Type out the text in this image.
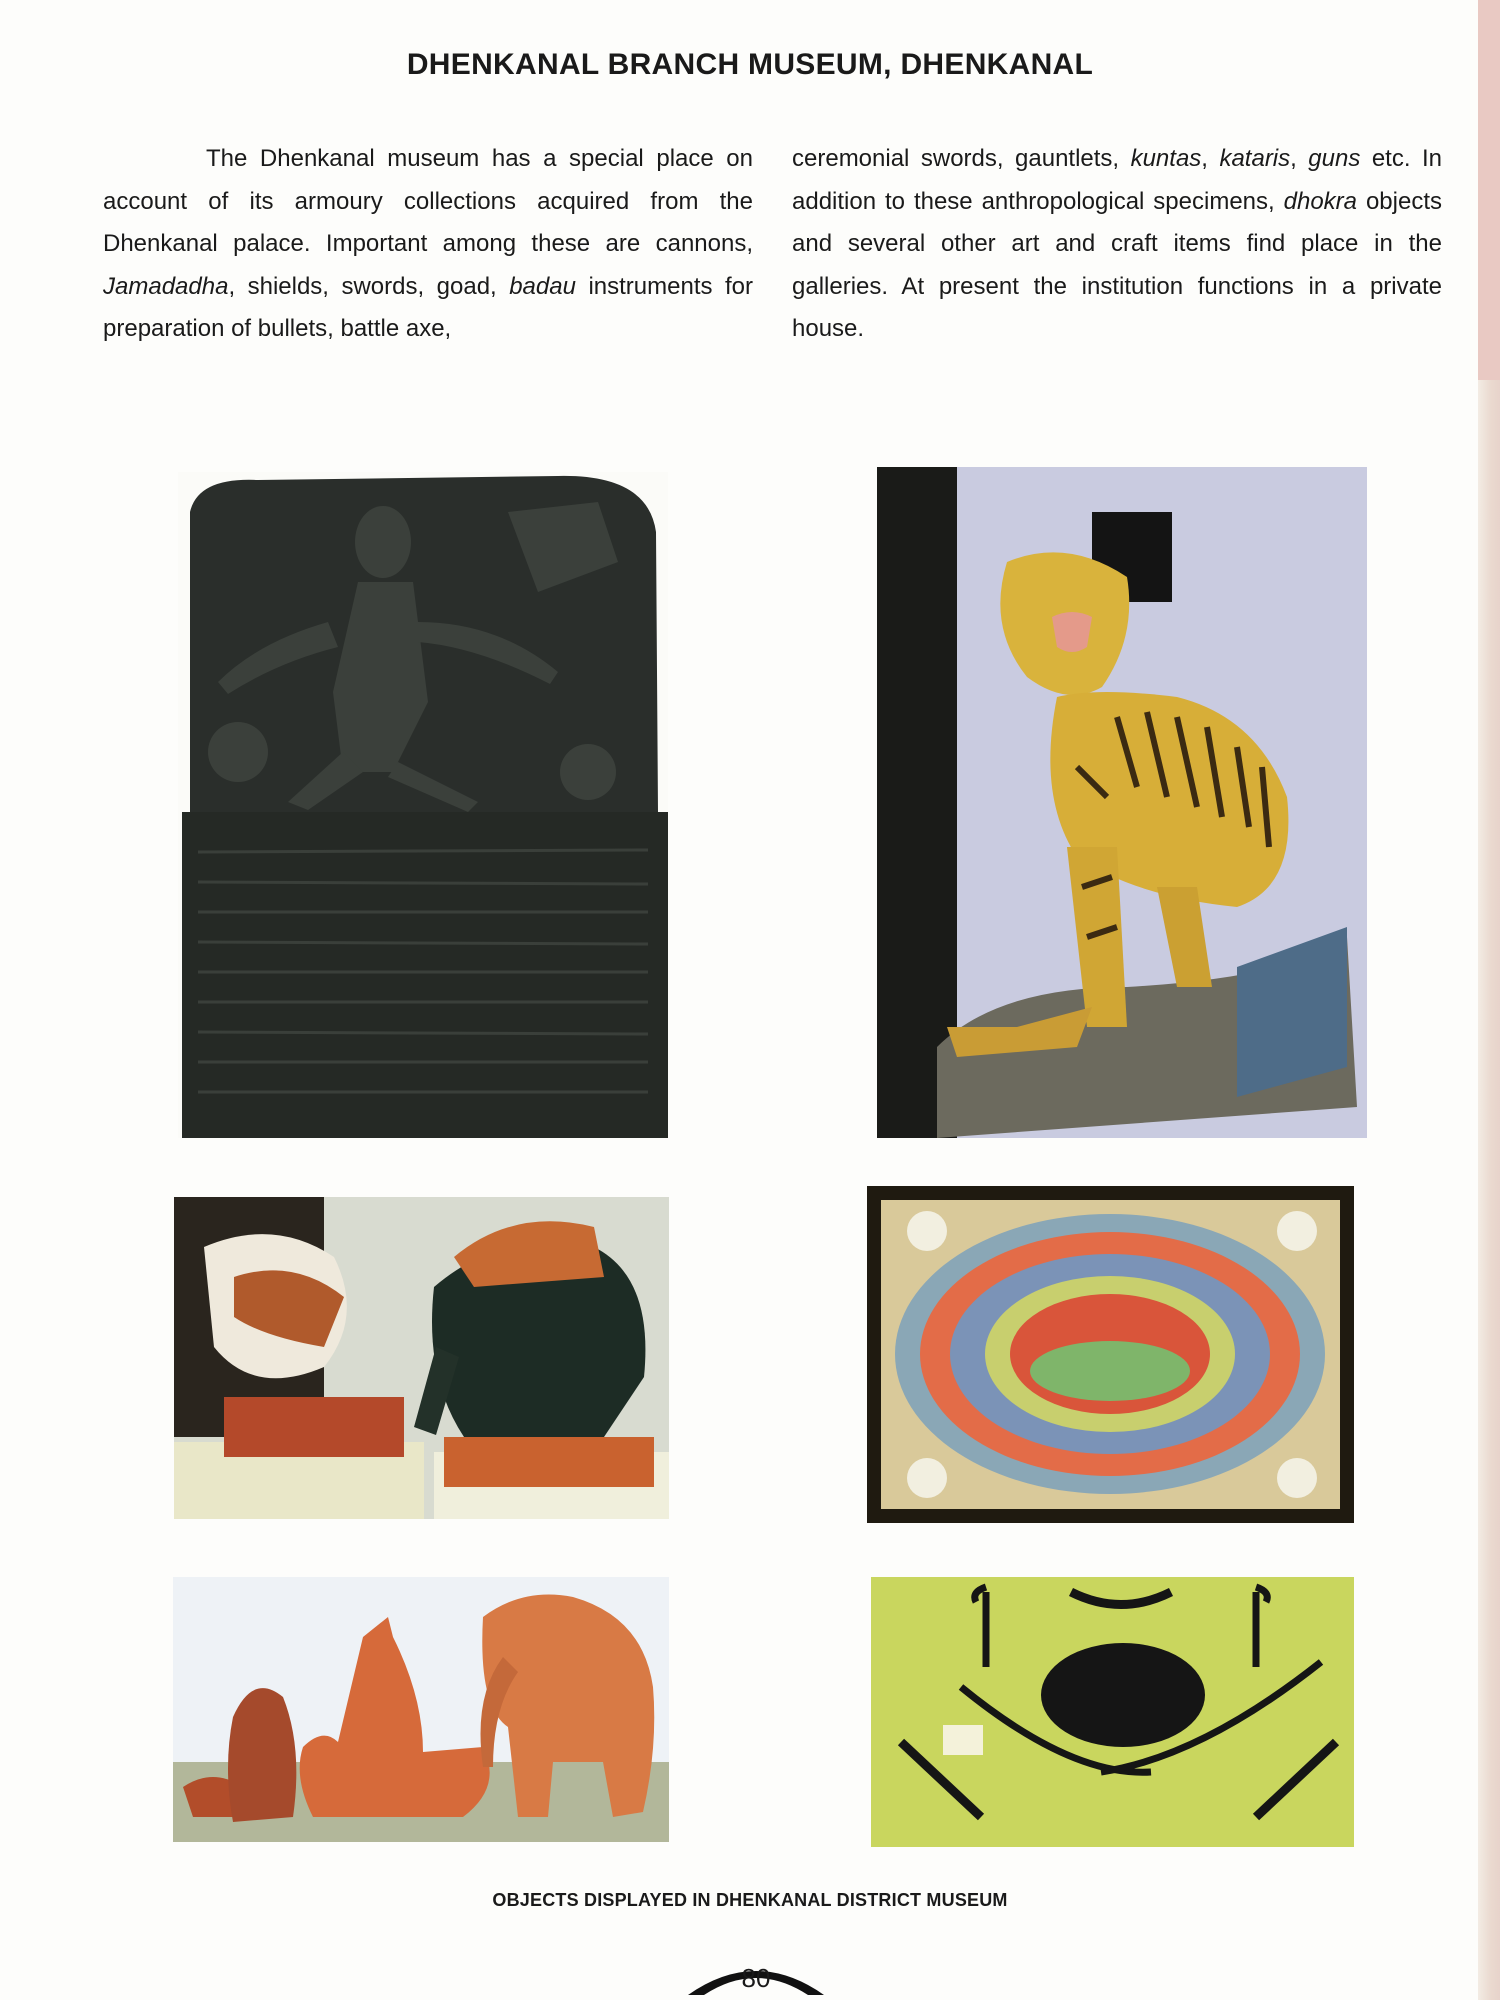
DHENKANAL BRANCH MUSEUM, DHENKANAL

The Dhenkanal museum has a special place on account of its armoury collections acquired from the Dhenkanal palace. Important among these are cannons, Jamadadha, shields, swords, goad, badau instruments for preparation of bullets, battle axe,

ceremonial swords, gauntlets, kuntas, kataris, guns etc. In addition to these anthropological specimens, dhokra objects and several other art and craft items find place in the galleries. At present the institution functions in a private house.

OBJECTS DISPLAYED IN DHENKANAL DISTRICT MUSEUM
80
